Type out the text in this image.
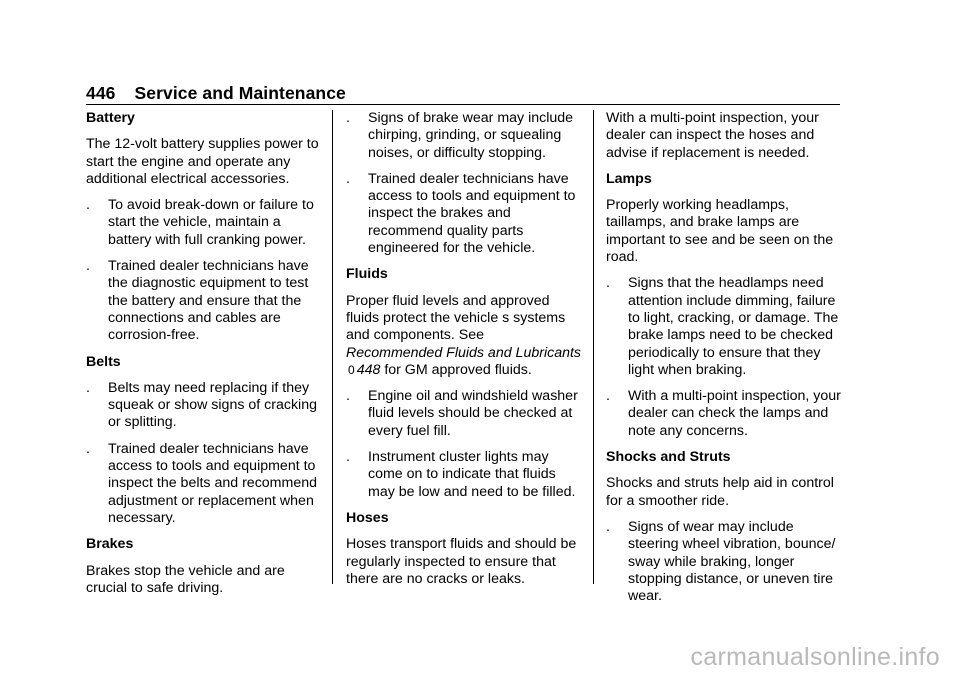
446 Service and Maintenance

Battery

The 12-volt battery supplies power to start the engine and operate any additional electrical accessories.

. To avoid break-down or failure to start the vehicle, maintain a battery with full cranking power.
. Trained dealer technicians have the diagnostic equipment to test the battery and ensure that the connections and cables are corrosion-free.

Belts

. Belts may need replacing if they squeak or show signs of cracking or splitting.
. Trained dealer technicians have access to tools and equipment to inspect the belts and recommend adjustment or replacement when necessary.

Brakes

Brakes stop the vehicle and are crucial to safe driving.

. Signs of brake wear may include chirping, grinding, or squealing noises, or difficulty stopping.
. Trained dealer technicians have access to tools and equipment to inspect the brakes and recommend quality parts engineered for the vehicle.

Fluids

Proper fluid levels and approved fluids protect the vehicle s systems and components. See Recommended Fluids and Lubricants0 448 for GM approved fluids.

. Engine oil and windshield washer fluid levels should be checked at every fuel fill.
. Instrument cluster lights may come on to indicate that fluids may be low and need to be filled.

Hoses

Hoses transport fluids and should be regularly inspected to ensure that there are no cracks or leaks.

With a multi-point inspection, your dealer can inspect the hoses and advise if replacement is needed.

Lamps

Properly working headlamps, taillamps, and brake lamps are important to see and be seen on the road.

. Signs that the headlamps need attention include dimming, failure to light, cracking, or damage. The brake lamps need to be checked periodically to ensure that they light when braking.
. With a multi-point inspection, your dealer can check the lamps and note any concerns.

Shocks and Struts

Shocks and struts help aid in control for a smoother ride.

. Signs of wear may include steering wheel vibration, bounce/ sway while braking, longer stopping distance, or uneven tire wear.
carmanualsonline.info
